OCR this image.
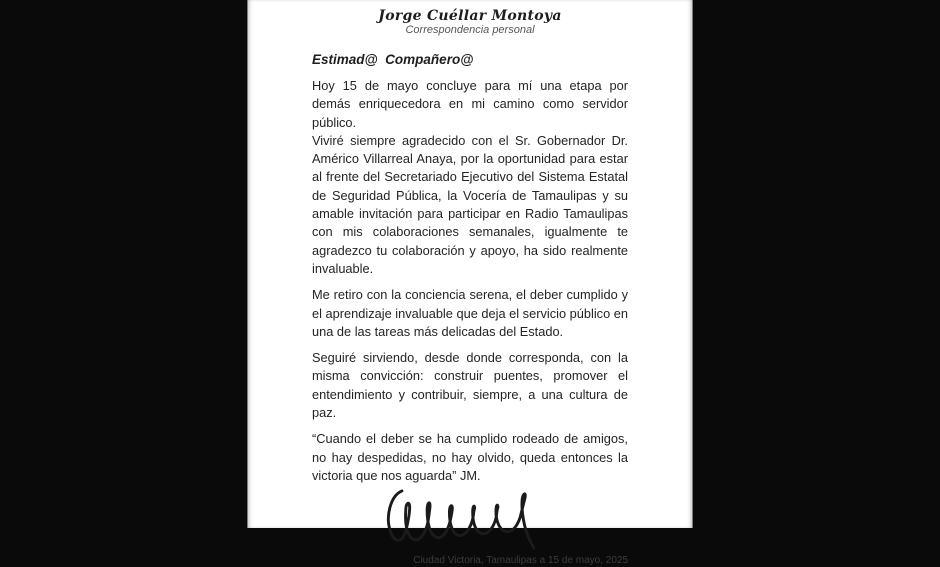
Jorge Cuéllar Montoya
Correspondencia personal
Estimad@  Compañero@

Hoy 15 de mayo concluye para mí una etapa por demás enriquecedora en mi camino como servidor público.

Viviré siempre agradecido con el Sr. Gobernador Dr. Américo Villarreal Anaya, por la oportunidad para estar al frente del Secretariado Ejecutivo del Sistema Estatal de Seguridad Pública, la Vocería de Tamaulipas y su amable invitación para participar en Radio Tamaulipas con mis colaboraciones semanales, igualmente te agradezco tu colaboración y apoyo, ha sido realmente invaluable.

Me retiro con la conciencia serena, el deber cumplido y el aprendizaje invaluable que deja el servicio público en una de las tareas más delicadas del Estado.

Seguiré sirviendo, desde donde corresponda, con la misma convicción: construir puentes, promover el entendimiento y contribuir, siempre, a una cultura de paz.

“Cuando el deber se ha cumplido rodeado de amigos, no hay despedidas, no hay olvido, queda entonces la victoria que nos aguarda” JM.

Ciudad Victoria, Tamaulipas a 15 de mayo, 2025
